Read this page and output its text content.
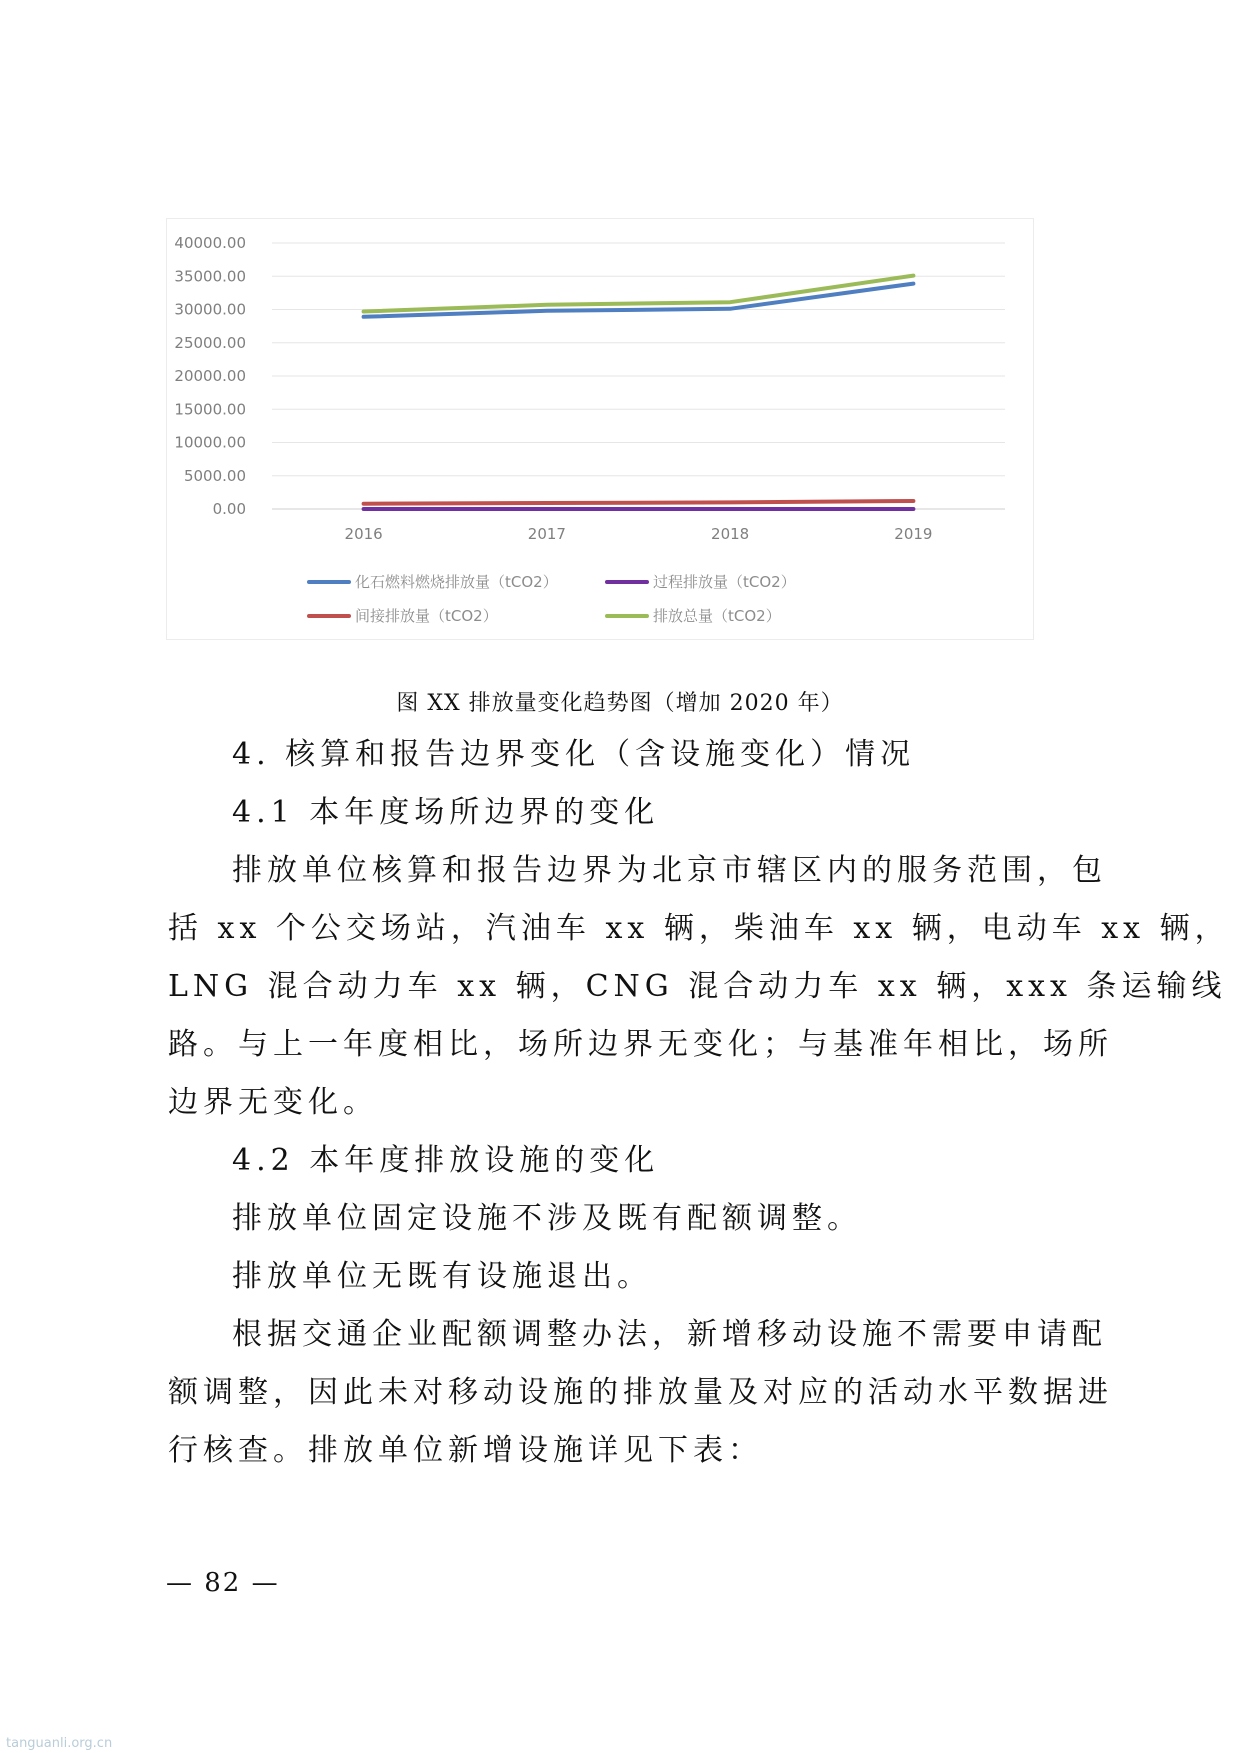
40000.00
35000.00
30000.00
25000.00
20000.00
15000.00
10000.00
5000.00
0.00
2016	2017	2018	2019
化石燃料燃烧排放量（tCO2）	过程排放量（tCO2）
间接排放量（tCO2）	排放总量（tCO2）
图 XX 排放量变化趋势图（增加 2020 年）

4. 核算和报告边界变化（含设施变化）情况

4.1 本年度场所边界的变化

排放单位核算和报告边界为北京市辖区内的服务范围，包

括 xx 个公交场站，汽油车 xx 辆，柴油车 xx 辆，电动车 xx 辆，

LNG 混合动力车 xx 辆，CNG 混合动力车 xx 辆，xxx 条运输线

路。与上一年度相比，场所边界无变化；与基准年相比，场所

边界无变化。

4.2 本年度排放设施的变化

排放单位固定设施不涉及既有配额调整。

排放单位无既有设施退出。

根据交通企业配额调整办法，新增移动设施不需要申请配

额调整，因此未对移动设施的排放量及对应的活动水平数据进

行核查。排放单位新增设施详见下表：

— 82 —
tanguanli.org.cn
